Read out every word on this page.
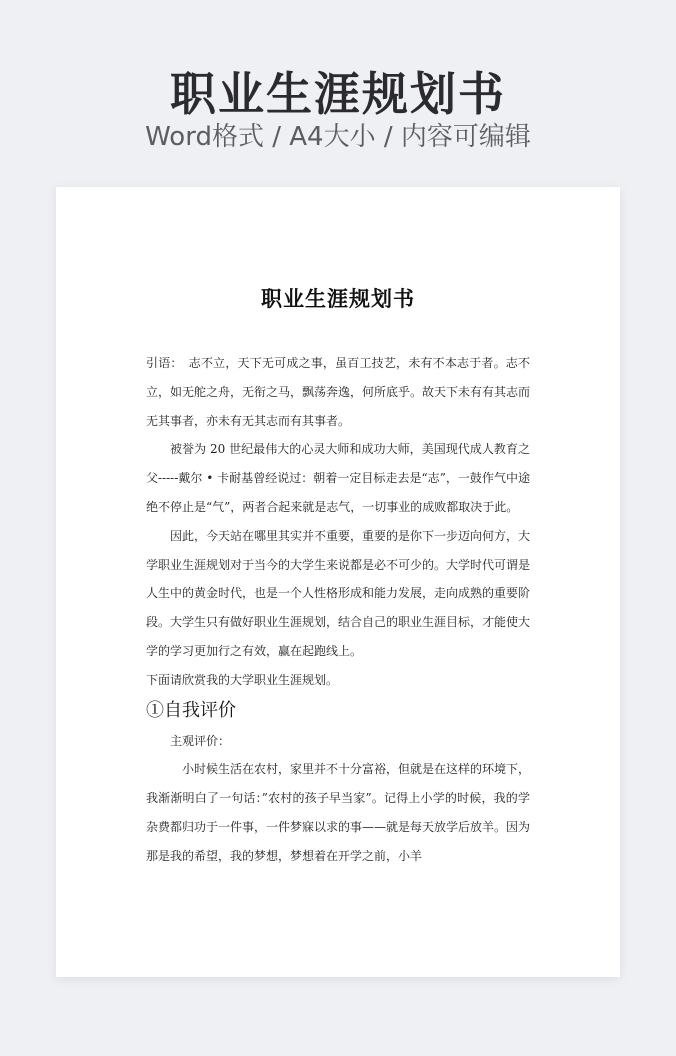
职业生涯规划书
Word格式 / A4大小 / 内容可编辑
职业生涯规划书

引语：　志不立，天下无可成之事，虽百工技艺，未有不本志于者。志不立，如无舵之舟，无衔之马，飘荡奔逸，何所底乎。故天下未有有其志而无其事者，亦未有无其志而有其事者。

被誉为 20 世纪最伟大的心灵大师和成功大师，美国现代成人教育之父-----戴尔 • 卡耐基曾经说过：朝着一定目标走去是“志”，一鼓作气中途绝不停止是“气”，两者合起来就是志气，一切事业的成败都取决于此。

因此，今天站在哪里其实并不重要，重要的是你下一步迈向何方，大学职业生涯规划对于当今的大学生来说都是必不可少的。大学时代可谓是人生中的黄金时代，也是一个人性格形成和能力发展，走向成熟的重要阶段。大学生只有做好职业生涯规划，结合自己的职业生涯目标，才能使大学的学习更加行之有效，赢在起跑线上。

下面请欣赏我的大学职业生涯规划。

①自我评价

主观评价：

小时候生活在农村，家里并不十分富裕，但就是在这样的环境下，我渐渐明白了一句话：”农村的孩子早当家”。记得上小学的时候，我的学杂费都归功于一件事，一件梦寐以求的事——就是每天放学后放羊。因为那是我的希望，我的梦想，梦想着在开学之前，小羊
